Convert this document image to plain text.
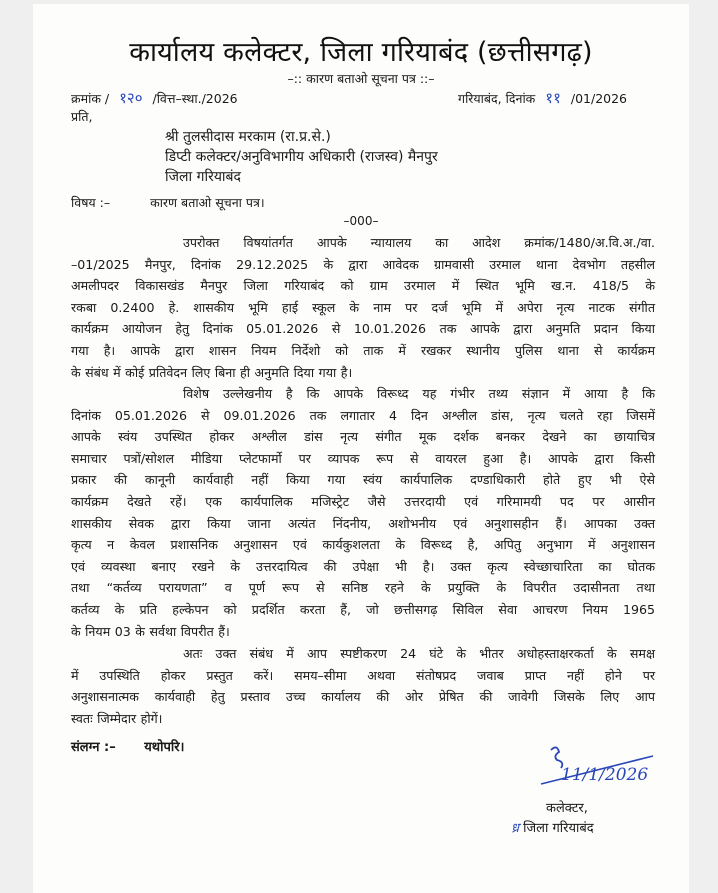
कार्यालय कलेक्टर, जिला गरियाबंद (छत्तीसगढ़)
–:: कारण बताओ सूचना पत्र ::–
क्रमांक / १२० /वित्त–स्था./2026	गरियाबंद, दिनांक ११ /01/2026
प्रति,
श्री तुलसीदास मरकाम (रा.प्र.से.)
डिप्टी कलेक्टर/अनुविभागीय अधिकारी (राजस्व) मैनपुर
जिला गरियाबंद
विषय :–	कारण बताओ सूचना पत्र।
–000–
उपरोक्त विषयांतर्गत आपके न्यायालय का आदेश क्रमांक/1480/अ.वि.अ./वा.
–01/2025 मैनपुर, दिनांक 29.12.2025 के द्वारा आवेदक ग्रामवासी उरमाल थाना देवभोग तहसील
अमलीपदर विकासखंड मैनपुर जिला गरियाबंद को ग्राम उरमाल में स्थित भूमि ख.न. 418/5 के
रकबा 0.2400 हे. शासकीय भूमि हाई स्कूल के नाम पर दर्ज भूमि में अपेरा नृत्य नाटक संगीत
कार्यक्रम आयोजन हेतु दिनांक 05.01.2026 से 10.01.2026 तक आपके द्वारा अनुमति प्रदान किया
गया है। आपके द्वारा शासन नियम निर्देशो को ताक में रखकर स्थानीय पुलिस थाना से कार्यक्रम
के संबंध में कोई प्रतिवेदन लिए बिना ही अनुमति दिया गया है।
विशेष उल्लेखनीय है कि आपके विरूध्द यह गंभीर तथ्य संज्ञान में आया है कि
दिनांक 05.01.2026 से 09.01.2026 तक लगातार 4 दिन अश्लील डांस, नृत्य चलते रहा जिसमें
आपके स्वंय उपस्थित होकर अश्लील डांस नृत्य संगीत मूक दर्शक बनकर देखने का छायाचित्र
समाचार पत्रों/सोशल मीडिया प्लेटफार्मो पर व्यापक रूप से वायरल हुआ है। आपके द्वारा किसी
प्रकार की कानूनी कार्यवाही नहीं किया गया स्वंय कार्यपालिक दण्डाधिकारी होते हुए भी ऐसे
कार्यक्रम देखते रहें। एक कार्यपालिक मजिस्ट्रेट जैसे उत्तरदायी एवं गरिमामयी पद पर आसीन
शासकीय सेवक द्वारा किया जाना अत्यंत निंदनीय, अशोभनीय एवं अनुशासहीन हैं। आपका उक्त
कृत्य न केवल प्रशासनिक अनुशासन एवं कार्यकुशलता के विरूध्द है, अपितु अनुभाग में अनुशासन
एवं व्यवस्था बनाए रखने के उत्तरदायित्व की उपेक्षा भी है। उक्त कृत्य स्वेच्छाचारिता का घोतक
तथा “कर्तव्य परायणता” व पूर्ण रूप से सनिष्ठ रहने के प्रयुक्ति के विपरीत उदासीनता तथा
कर्तव्य के प्रति हल्केपन को प्रदर्शित करता हैं, जो छत्तीसगढ़ सिविल सेवा आचरण नियम 1965
के नियम 03 के सर्वथा विपरीत हैं।
अतः उक्त संबंध में आप स्पष्टीकरण 24 घंटे के भीतर अधोहस्ताक्षरकर्ता के समक्ष
में उपस्थिति होकर प्रस्तुत करें। समय–सीमा अथवा संतोषप्रद जवाब प्राप्त नहीं होने पर
अनुशासनात्मक कार्यवाही हेतु प्रस्ताव उच्च कार्यालय की ओर प्रेषित की जावेगी जिसके लिए आप
स्वतः जिम्मेदार होगें।
संलग्न :– यथोपरि।
11/1/2026
कलेक्टर,
ध्र जिला गरियाबंद
